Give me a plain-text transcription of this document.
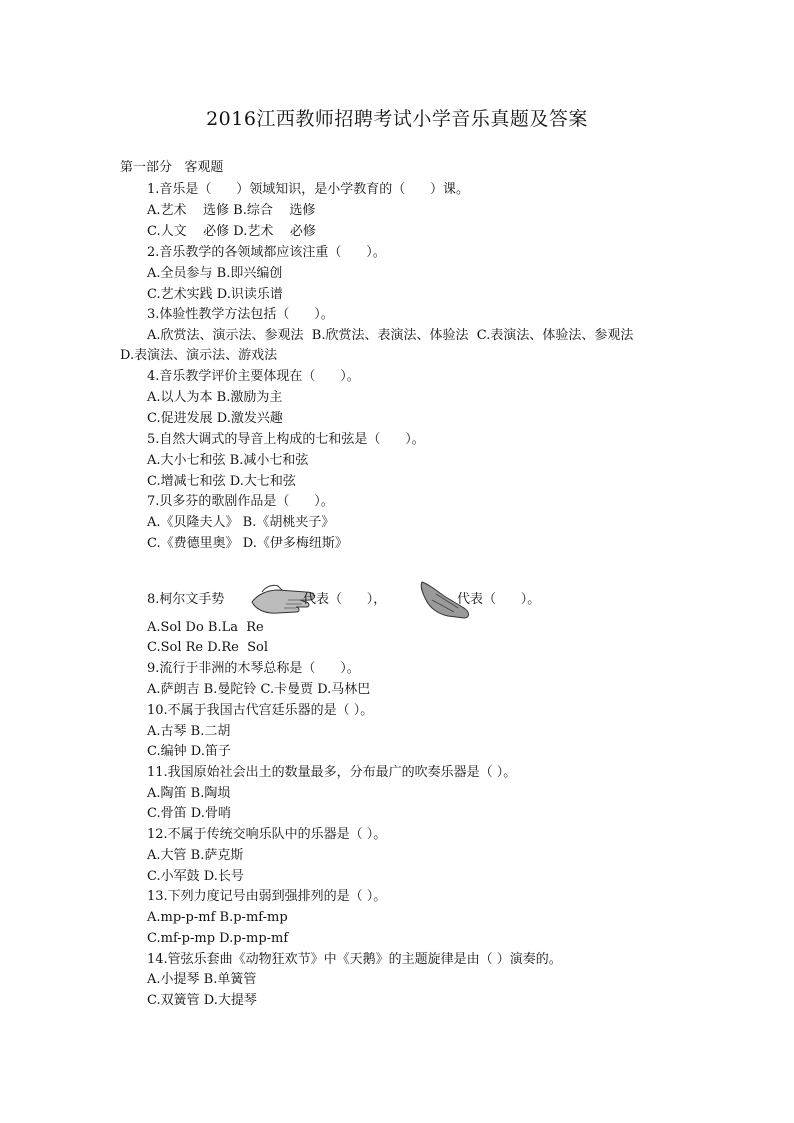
2016江西教师招聘考试小学音乐真题及答案
第一部分   客观题
1.音乐是（      ）领域知识，是小学教育的（      ）课。
A.艺术    选修 B.综合    选修
C.人文    必修 D.艺术    必修
2.音乐教学的各领域都应该注重（      ）。
A.全员参与 B.即兴编创
C.艺术实践 D.识读乐谱
3.体验性教学方法包括（      ）。
A.欣赏法、演示法、参观法  B.欣赏法、表演法、体验法  C.表演法、体验法、参观法
D.表演法、演示法、游戏法
4.音乐教学评价主要体现在（      ）。
A.以人为本 B.激励为主
C.促进发展 D.激发兴趣
5.自然大调式的导音上构成的七和弦是（      ）。
A.大小七和弦 B.减小七和弦
C.增减七和弦 D.大七和弦
7.贝多芬的歌剧作品是（      ）。
A.《贝隆夫人》 B.《胡桃夹子》
C.《费德里奥》 D.《伊多梅纽斯》

8.柯尔文手势

	代表（      ），

	代表（      ）。

A.Sol Do B.La  Re
C.Sol Re D.Re  Sol
9.流行于非洲的木琴总称是（      ）。
A.萨朗吉 B.曼陀铃 C.卡曼贾 D.马林巴
10.不属于我国古代宫廷乐器的是（ ）。
A.古琴 B.二胡
C.编钟 D.笛子
11.我国原始社会出土的数量最多，分布最广的吹奏乐器是（ ）。
A.陶笛 B.陶埙
C.骨笛 D.骨哨
12.不属于传统交响乐队中的乐器是（ ）。
A.大管 B.萨克斯
C.小军鼓 D.长号
13.下列力度记号由弱到强排列的是（ ）。
A.mp-p-mf B.p-mf-mp
C.mf-p-mp D.p-mp-mf
14.管弦乐套曲《动物狂欢节》中《天鹅》的主题旋律是由（ ）演奏的。
A.小提琴 B.单簧管
C.双簧管 D.大提琴
